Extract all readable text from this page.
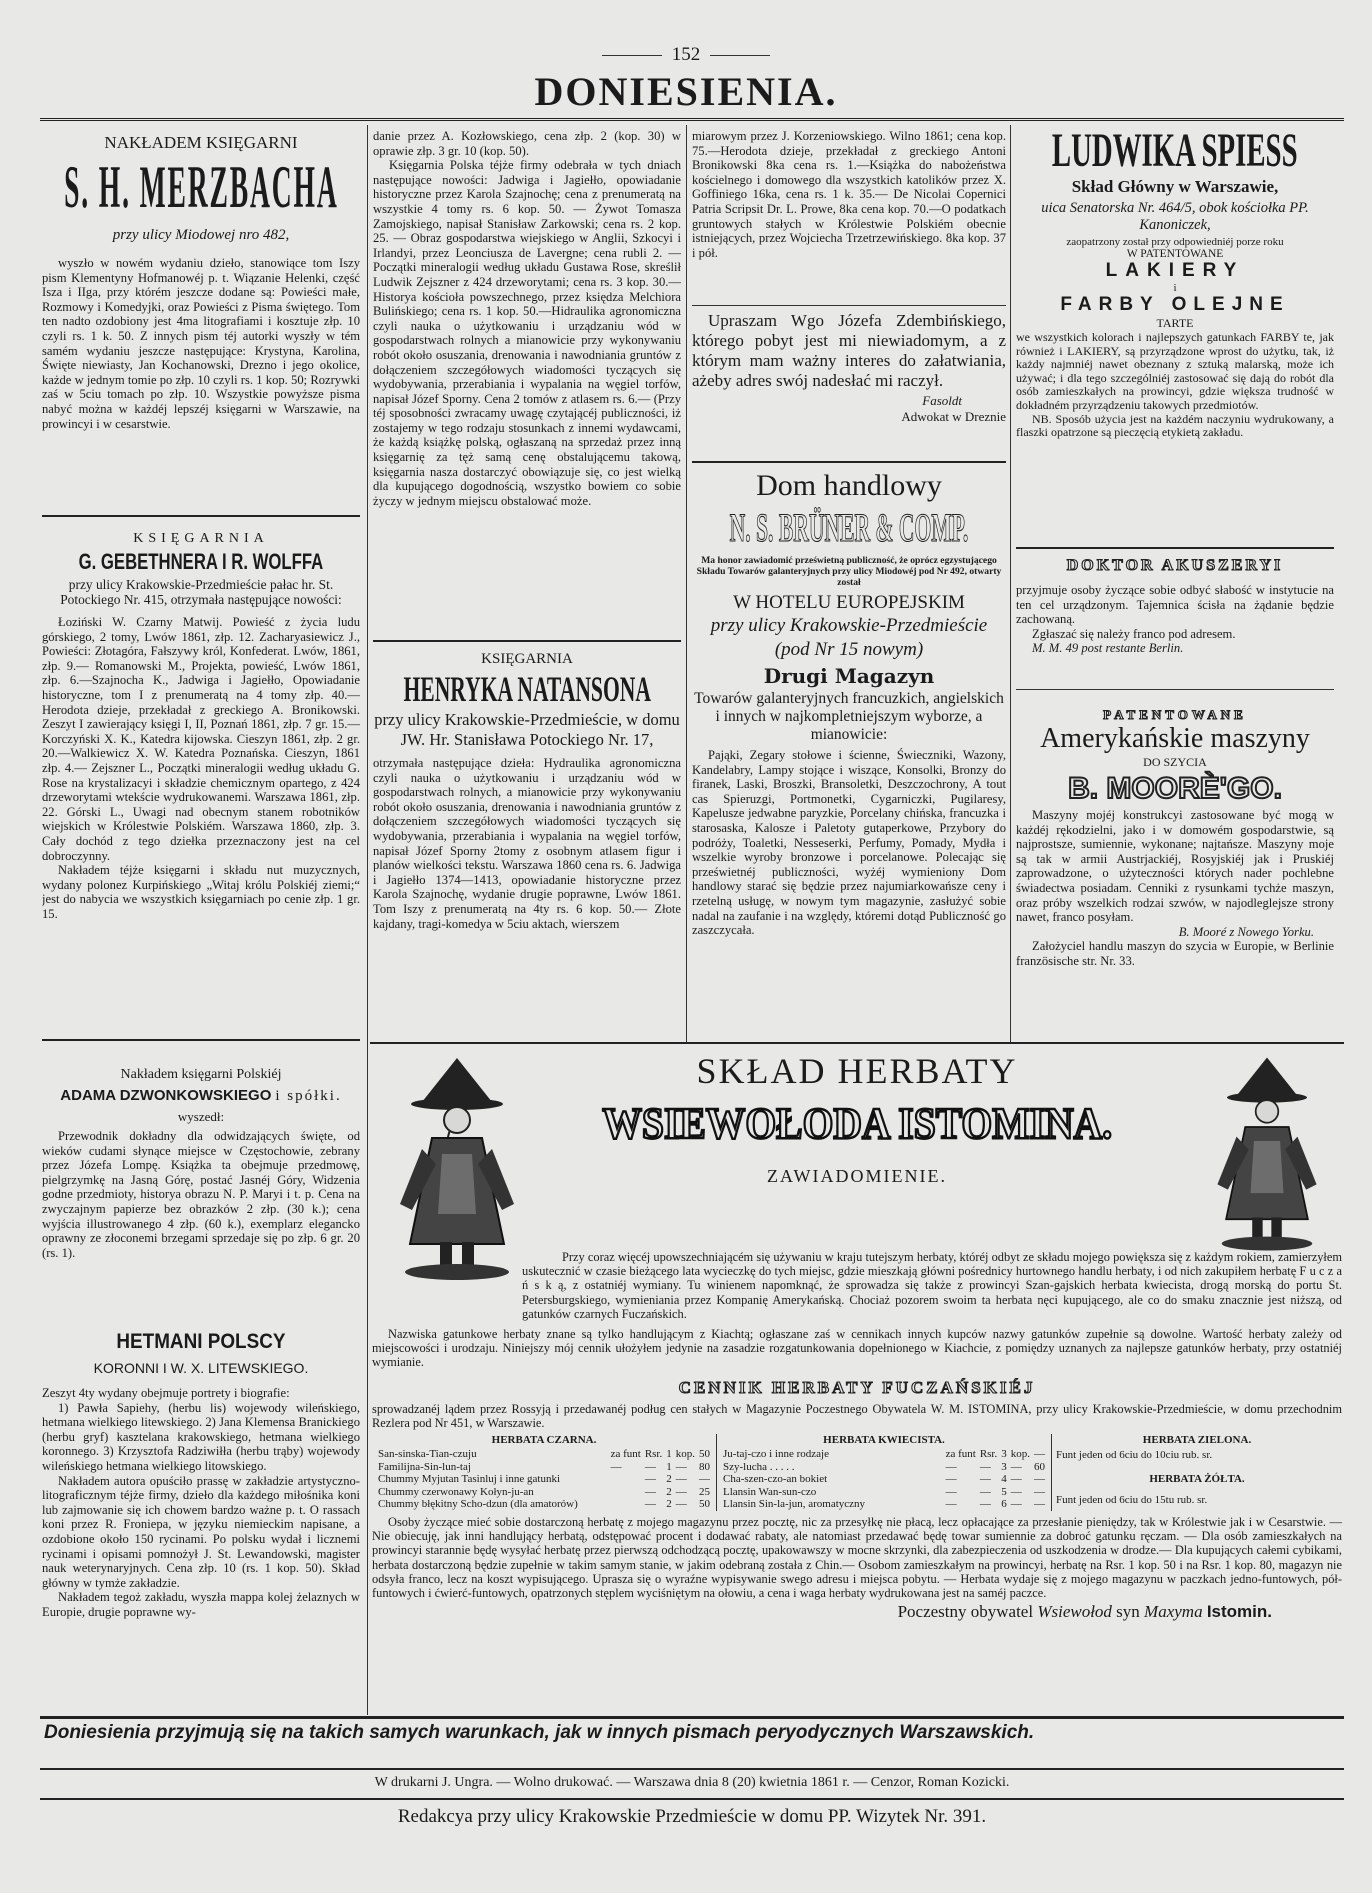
152
DONIESIENIA.
NAKŁADEM KSIĘGARNI
S. H. MERZBACHA
przy ulicy Miodowej nro 482,

wyszło w nowém wydaniu dzieło, stanowiące tom Iszy pism Klementyny Hofmanowéj p. t. Wiązanie Helenki, część Isza i IIga, przy którém jeszcze dodane są: Powieści małe, Rozmowy i Komedyjki, oraz Powieści z Pisma świętego. Tom ten nadto ozdobiony jest 4ma litografiami i kosztuje złp. 10 czyli rs. 1 k. 50. Z innych pism téj autorki wyszły w tém samém wydaniu jeszcze następujące: Krystyna, Karolina, Święte niewiasty, Jan Kochanowski, Drezno i jego okolice, każde w jednym tomie po złp. 10 czyli rs. 1 kop. 50; Rozrywki zaś w 5ciu tomach po złp. 10. Wszystkie powyższe pisma nabyć można w każdéj lepszéj księgarni w Warszawie, na prowincyi i w cesarstwie.

KSIĘGARNIA
G. GEBETHNERA I R. WOLFFA

przy ulicy Krakowskie-Przedmieście pałac hr. St. Potockiego Nr. 415, otrzymała następujące nowości:

Łoziński W. Czarny Matwij. Powieść z życia ludu górskiego, 2 tomy, Lwów 1861, złp. 12. Zacharyasiewicz J., Powieści: Złotagóra, Fałszywy król, Konfederat. Lwów, 1861, złp. 9.— Romanowski M., Projekta, powieść, Lwów 1861, złp. 6.—Szajnocha K., Jadwiga i Jagiełło, Opowiadanie historyczne, tom I z prenumeratą na 4 tomy złp. 40.—Herodota dzieje, przekładał z greckiego A. Bronikowski. Zeszyt I zawierający księgi I, II, Poznań 1861, złp. 7 gr. 15.—Korczyński X. K., Katedra kijowska. Cieszyn 1861, złp. 2 gr. 20.—Walkiewicz X. W. Katedra Poznańska. Cieszyn, 1861 złp. 4.— Zejszner L., Początki mineralogii według układu G. Rose na krystalizacyi i składzie chemicznym opartego, z 424 drzeworytami wtekście wydrukowanemi. Warszawa 1861, złp. 22. Górski L., Uwagi nad obecnym stanem robotników wiejskich w Królestwie Polskiém. Warszawa 1860, złp. 3. Cały dochód z tego dziełka przeznaczony jest na cel dobroczynny.

Nakładem téjże księgarni i składu nut muzycznych, wydany polonez Kurpińskiego „Witaj królu Polskiéj ziemi;“ jest do nabycia we wszystkich księgarniach po cenie złp. 1 gr. 15.

Nakładem księgarni Polskiéj
ADAMA DZWONKOWSKIEGO i spółki.
wyszedł:

Przewodnik dokładny dla odwidzających święte, od wieków cudami słynące miejsce w Częstochowie, zebrany przez Józefa Lompę. Książka ta obejmuje przedmowę, pielgrzymkę na Jasną Górę, postać Jasnéj Góry, Widzenia godne przedmioty, historya obrazu N. P. Maryi i t. p. Cena na zwyczajnym papierze bez obrazków 2 złp. (30 k.); cena wyjścia illustrowanego 4 złp. (60 k.), exemplarz elegancko oprawny ze złoconemi brzegami sprzedaje się po złp. 6 gr. 20 (rs. 1).

HETMANI POLSCY
KORONNI I W. X. LITEWSKIEGO.

Zeszyt 4ty wydany obejmuje portrety i biografie:

1) Pawła Sapiehy, (herbu lis) wojewody wileńskiego, hetmana wielkiego litewskiego. 2) Jana Klemensa Branickiego (herbu gryf) kasztelana krakowskiego, hetmana wielkiego koronnego. 3) Krzysztofa Radziwiłła (herbu trąby) wojewody wileńskiego hetmana wielkiego litowskiego.

Nakładem autora opuściło prassę w zakładzie artystyczno-litograficznym téjże firmy, dzieło dla każdego miłośnika koni lub zajmowanie się ich chowem bardzo ważne p. t. O rassach koni przez R. Froniepa, w języku niemieckim napisane, a ozdobione około 150 rycinami. Po polsku wydał i licznemi rycinami i opisami pomnożył J. St. Lewandowski, magister nauk weterynaryjnych. Cena złp. 10 (rs. 1 kop. 50). Skład główny w tymże zakładzie.

Nakładem tegoż zakładu, wyszła mappa kolej żelaznych w Europie, drugie poprawne wy-

danie przez A. Kozłowskiego, cena złp. 2 (kop. 30) w oprawie złp. 3 gr. 10 (kop. 50).

Księgarnia Polska téjże firmy odebrała w tych dniach następujące nowości: Jadwiga i Jagiełło, opowiadanie historyczne przez Karola Szajnochę; cena z prenumeratą na wszystkie 4 tomy rs. 6 kop. 50. — Żywot Tomasza Zamojskiego, napisał Stanisław Zarkowski; cena rs. 2 kop. 25. — Obraz gospodarstwa wiejskiego w Anglii, Szkocyi i Irlandyi, przez Leonciusza de Lavergne; cena rubli 2. — Początki mineralogii według układu Gustawa Rose, skreślił Ludwik Zejszner z 424 drzeworytami; cena rs. 3 kop. 30.—Historya kościoła powszechnego, przez księdza Melchiora Bulińskiego; cena rs. 1 kop. 50.—Hidraulika agronomiczna czyli nauka o użytkowaniu i urządzaniu wód w gospodarstwach rolnych a mianowicie przy wykonywaniu robót około osuszania, drenowania i nawodniania gruntów z dołączeniem szczegółowych wiadomości tyczących się wydobywania, przerabiania i wypalania na węgiel torfów, napisał Józef Sporny. Cena 2 tomów z atlasem rs. 6.— (Przy téj sposobności zwracamy uwagę czytającéj publiczności, iż zostajemy w tego rodzaju stosunkach z innemi wydawcami, że każdą książkę polską, ogłaszaną na sprzedaż przez inną księgarnię za tęż samą cenę obstalującemu takową, księgarnia nasza dostarczyć obowiązuje się, co jest wielką dla kupującego dogodnością, wszystko bowiem co sobie życzy w jednym miejscu obstalować może.

KSIĘGARNIA
HENRYKA NATANSONA

przy ulicy Krakowskie-Przedmieście, w domu JW. Hr. Stanisława Potockiego Nr. 17,

otrzymała następujące dzieła: Hydraulika agronomiczna czyli nauka o użytkowaniu i urządzaniu wód w gospodarstwach rolnych, a mianowicie przy wykonywaniu robót około osuszania, drenowania i nawodniania gruntów z dołączeniem szczegółowych wiadomości tyczących się wydobywania, przerabiania i wypalania na węgiel torfów, napisał Józef Sporny 2tomy z osobnym atlasem figur i planów wielkości tekstu. Warszawa 1860 cena rs. 6. Jadwiga i Jagiełło 1374—1413, opowiadanie historyczne przez Karola Szajnochę, wydanie drugie poprawne, Lwów 1861. Tom Iszy z prenumeratą na 4ty rs. 6 kop. 50.— Złote kajdany, tragi-komedya w 5ciu aktach, wierszem

miarowym przez J. Korzeniowskiego. Wilno 1861; cena kop. 75.—Herodota dzieje, przekładał z greckiego Antoni Bronikowski 8ka cena rs. 1.—Książka do nabożeństwa kościelnego i domowego dla wszystkich katolików przez X. Goffiniego 16ka, cena rs. 1 k. 35.— De Nicolai Copernici Patria Scripsit Dr. L. Prowe, 8ka cena kop. 70.—O podatkach gruntowych stałych w Królestwie Polskiém obecnie istniejących, przez Wojciecha Trzetrzewińskiego. 8ka kop. 37 i pół.

Upraszam Wgo Józefa Zdembińskiego, którego pobyt jest mi niewiadomym, a z którym mam ważny interes do załatwiania, ażeby adres swój nadesłać mi raczył.

Fasoldt
Adwokat w Dreznie
Dom handlowy
N. S. BRÜNER & COMP.

Ma honor zawiadomić prześwietną publiczność, że oprócz egzystującego Składu Towarów galanteryjnych przy ulicy Miodowéj pod Nr 492, otwarty został

W HOTELU EUROPEJSKIM
przy ulicy Krakowskie-Przedmieście (pod Nr 15 nowym)
Drugi Magazyn

Towarów galanteryjnych francuzkich, angielskich i innych w najkompletniejszym wyborze, a mianowicie:

Pająki, Zegary stołowe i ścienne, Świeczniki, Wazony, Kandelabry, Lampy stojące i wiszące, Konsolki, Bronzy do firanek, Laski, Broszki, Bransoletki, Deszczochrony, A tout cas Spieruzgi, Portmonetki, Cygarniczki, Pugilaresy, Kapelusze jedwabne paryzkie, Porcelany chińska, francuzka i starosaska, Kalosze i Paletoty gutaperkowe, Przybory do podróży, Toaletki, Nesseserki, Perfumy, Pomady, Mydła i wszelkie wyroby bronzowe i porcelanowe. Polecając się prześwietnéj publiczności, wyżéj wymieniony Dom handlowy starać się będzie przez najumiarkowańsze ceny i rzetelną usługę, w nowym tym magazynie, zasłużyć sobie nadal na zaufanie i na względy, któremi dotąd Publiczność go zaszczycała.

LUDWIKA SPIESS
Skład Główny w Warszawie,

uica Senatorska Nr. 464/5, obok kościołka PP. Kanoniczek,

zaopatrzony został przy odpowiedniéj porze roku
W PATENTOWANE
LAKIERY
i
FARBY OLEJNE
TARTE

we wszystkich kolorach i najlepszych gatunkach FARBY te, jak również i LAKIERY, są przyrządzone wprost do użytku, tak, iż każdy najmniéj nawet obeznany z sztuką malarską, może ich używać; i dla tego szczególniéj zastosować się dają do robót dla osób zamieszkałych na prowincyi, gdzie większa trudność w dokładném przyrządzeniu takowych przedmiotów.

NB. Sposób użycia jest na każdém naczyniu wydrukowany, a flaszki opatrzone są pieczęcią etykietą zakładu.

DOKTOR AKUSZERYI

przyjmuje osoby życzące sobie odbyć słabość w instytucie na ten cel urządzonym. Tajemnica ścisła na żądanie będzie zachowaną.

Zgłaszać się należy franco pod adresem.

M. M. 49 post restante Berlin.

PATENTOWANE
Amerykańskie maszyny
DO SZYCIA
B. MOORÈ'GO.

Maszyny mojéj konstrukcyi zastosowane być mogą w każdéj rękodzielni, jako i w domowém gospodarstwie, są najprostsze, sumiennie, wykonane; najtańsze. Maszyny moje są tak w armii Austrjackiéj, Rosyjskiéj jak i Pruskiéj zaprowadzone, o użyteczności których nader pochlebne świadectwa posiadam. Cenniki z rysunkami tychże maszyn, oraz próby wszelkich rodzai szwów, w najodleglejsze strony nawet, franco posyłam.

B. Mooré z Nowego Yorku.

Założyciel handlu maszyn do szycia w Europie, w Berlinie französische str. Nr. 33.

SKŁAD HERBATY
WSIEWOŁODA ISTOMINA.
ZAWIADOMIENIE.

Przy coraz więcéj upowszechniającém się używaniu w kraju tutejszym herbaty, któréj odbyt ze składu mojego powiększa się z każdym rokiem, zamierzyłem uskutecznić w czasie bieżącego lata wycieczkę do tych miejsc, gdzie mieszkają główni pośrednicy hurtownego handlu herbaty, i od nich zakupiłem herbatę F u c z a ń s k ą, z ostatniéj wymiany. Tu winienem napomknąć, że sprowadza się także z prowincyi Szan-gajskich herbata kwiecista, drogą morską do portu St. Petersburgskiego, wymieniania przez Kompanię Amerykańską. Chociaż pozorem swoim ta herbata nęci kupującego, ale co do smaku znacznie jest niższą, od gatunków czarnych Fuczańskich.

Nazwiska gatunkowe herbaty znane są tylko handlującym z Kiachtą; ogłaszane zaś w cennikach innych kupców nazwy gatunków zupełnie są dowolne. Wartość herbaty zależy od miejscowości i urodzaju. Niniejszy mój cennik ułożyłem jedynie na zasadzie rozgatunkowania dopełnionego w Kiachcie, z pomiędzy uznanych za najlepsze gatunków herbaty, przy ostatniéj wymianie.

CENNIK HERBATY FUCZAŃSKIÉJ

sprowadzanéj lądem przez Rossyją i przedawanéj podług cen stałych w Magazynie Poczestnego Obywatela W. M. ISTOMINA, przy ulicy Krakowskie-Przedmieście, w domu przechodnim Rezlera pod Nr 451, w Warszawie.

HERBATA CZARNA.
San-sinska-Tian-czuju	za funt	Rsr.	1	kop.	50
Familijna-Sin-lun-taj	—	—	1	—	80
Chummy Myjutan Tasinluj i inne gatunki		—	2	—	—
Chummy czerwonawy Kołyn-ju-an		—	2	—	25
Chummy błękitny Scho-dzun (dla amatorów)		—	2	—	50
HERBATA KWIECISTA.
Ju-taj-czo i inne rodzaje	za funt	Rsr.	3	kop.	—
Szy-lucha . . . . .	—	—	3	—	60
Cha-szen-czo-an bokiet	—	—	4	—	—
Llansin Wan-sun-czo	—	—	5	—	—
Llansin Sin-la-jun, aromatyczny	—	—	6	—	—
HERBATA ZIELONA.
Funt jeden od 6ciu do 10ciu rub. sr.
HERBATA ŻÓŁTA.
Funt jeden od 6ciu do 15tu rub. sr.

Osoby życzące mieć sobie dostarczoną herbatę z mojego magazynu przez pocztę, nic za przesyłkę nie płacą, lecz opłacające za przesłanie pieniędzy, tak w Królestwie jak i w Cesarstwie. — Nie obiecuję, jak inni handlujący herbatą, odstępować procent i dodawać rabaty, ale natomiast przedawać będę towar sumiennie za dobroć gatunku ręczam. — Dla osób zamieszkałych na prowincyi starannie będę wysyłać herbatę przez pierwszą odchodzącą pocztę, upakowawszy w mocne skrzynki, dla zabezpieczenia od uszkodzenia w drodze.— Dla kupujących całemi cybikami, herbata dostarczoną będzie zupełnie w takim samym stanie, w jakim odebraną została z Chin.— Osobom zamieszkałym na prowincyi, herbatę na Rsr. 1 kop. 50 i na Rsr. 1 kop. 80, magazyn nie odsyła franco, lecz na koszt wypisującego. Uprasza się o wyraźne wypisywanie swego adresu i miejsca pobytu. — Herbata wydaje się z mojego magazynu w paczkach jedno-funtowych, pół-funtowych i ćwierć-funtowych, opatrzonych stęplem wyciśniętym na ołowiu, a cena i waga herbaty wydrukowana jest na saméj paczce.

Poczestny obywatel Wsiewołod syn Maxyma Istomin.
Doniesienia przyjmują się na takich samych warunkach, jak w innych pismach peryodycznych Warszawskich.
W drukarni J. Ungra. — Wolno drukować. — Warszawa dnia 8 (20) kwietnia 1861 r. — Cenzor, Roman Kozicki.
Redakcya przy ulicy Krakowskie Przedmieście w domu PP. Wizytek Nr. 391.
